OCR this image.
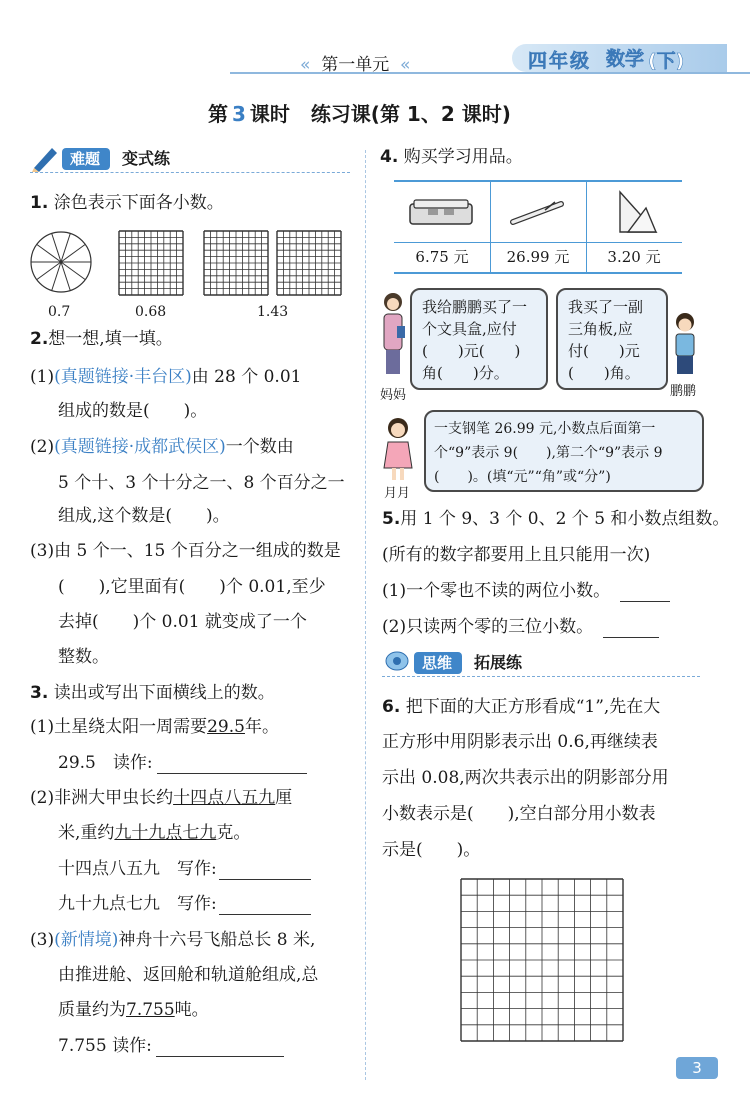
« 第一单元 «	四年级 数学 (下)
第 3 课时 练习课(第 1、2 课时)
难题	变式练
1. 涂色表示下面各小数。
0.7	0.68	1.43
2.想一想,填一填。
(1)(真题链接·丰台区)由 28 个 0.01
组成的数是(　　)。
(2)(真题链接·成都武侯区)一个数由
5 个十、3 个十分之一、8 个百分之一
组成,这个数是(　　)。
(3)由 5 个一、15 个百分之一组成的数是
(　　),它里面有(　　)个 0.01,至少
去掉(　　)个 0.01 就变成了一个
整数。
3. 读出或写出下面横线上的数。
(1)土星绕太阳一周需要29.5年。
29.5　读作:
(2)非洲大甲虫长约十四点八五九厘
米,重约九十九点七九克。
十四点八五九　写作:
九十九点七九　写作:
(3)(新情境)神舟十六号飞船总长 8 米,
由推进舱、返回舱和轨道舱组成,总
质量约为7.755吨。
7.755 读作:
4. 购买学习用品。
6.75 元	26.99 元	3.20 元
妈妈
我给鹏鹏买了一
个文具盒,应付
(　　)元(　　)
角(　　)分。
我买了一副
三角板,应
付(　　)元
(　　)角。
鹏鹏
月月
一支钢笔 26.99 元,小数点后面第一
个“9”表示 9(　　),第二个“9”表示 9
(　　)。(填“元”“角”或“分”)
5.用 1 个 9、3 个 0、2 个 5 和小数点组数。
(所有的数字都要用上且只能用一次)
(1)一个零也不读的两位小数。
(2)只读两个零的三位小数。
思维	拓展练
6. 把下面的大正方形看成“1”,先在大
正方形中用阴影表示出 0.6,再继续表
示出 0.08,两次共表示出的阴影部分用
小数表示是(　　),空白部分用小数表
示是(　　)。
3
